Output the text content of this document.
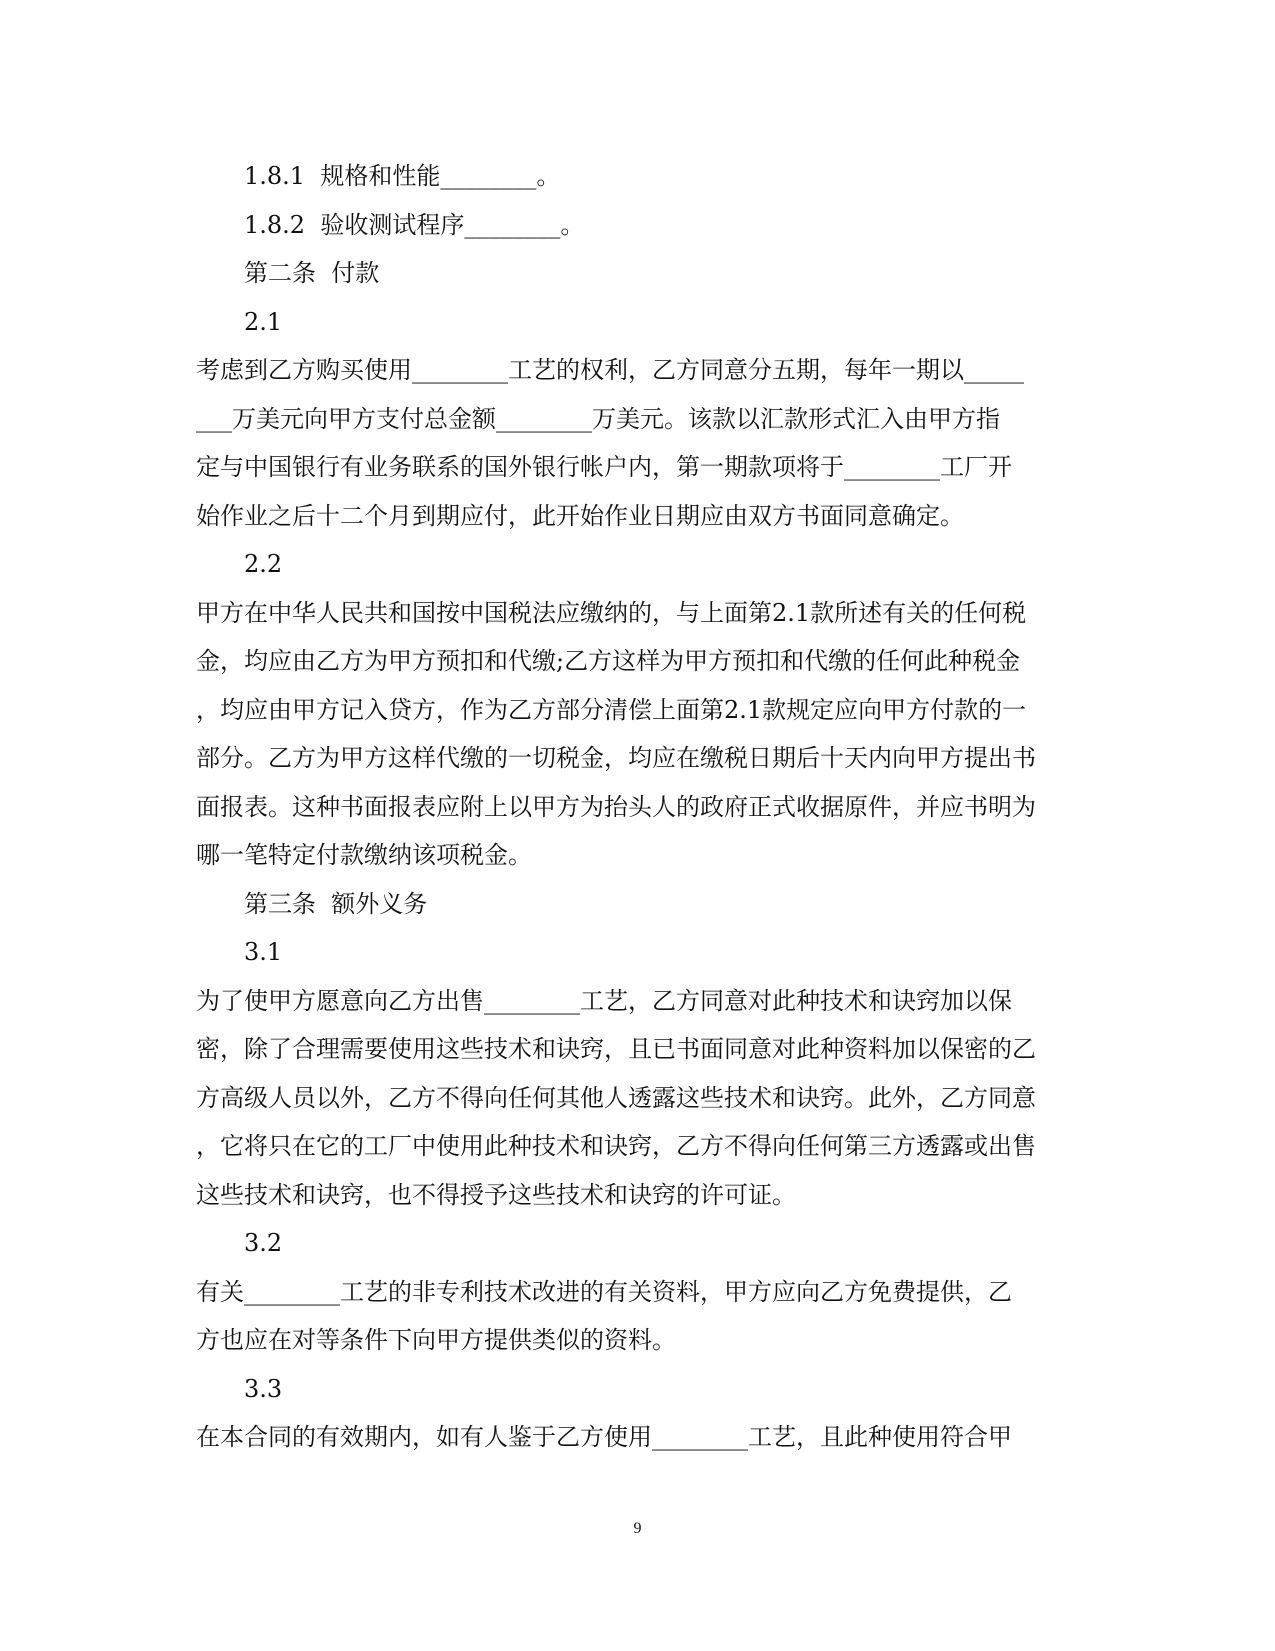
1.8.1  规格和性能________。
1.8.2  验收测试程序________。
第二条  付款
2.1
考虑到乙方购买使用________工艺的权利，乙方同意分五期，每年一期以_____
___万美元向甲方支付总金额________万美元。该款以汇款形式汇入由甲方指
定与中国银行有业务联系的国外银行帐户内，第一期款项将于________工厂开
始作业之后十二个月到期应付，此开始作业日期应由双方书面同意确定。
2.2
甲方在中华人民共和国按中国税法应缴纳的，与上面第2.1款所述有关的任何税
金，均应由乙方为甲方预扣和代缴;乙方这样为甲方预扣和代缴的任何此种税金
，均应由甲方记入贷方，作为乙方部分清偿上面第2.1款规定应向甲方付款的一
部分。乙方为甲方这样代缴的一切税金，均应在缴税日期后十天内向甲方提出书
面报表。这种书面报表应附上以甲方为抬头人的政府正式收据原件，并应书明为
哪一笔特定付款缴纳该项税金。
第三条  额外义务
3.1
为了使甲方愿意向乙方出售________工艺，乙方同意对此种技术和诀窍加以保
密，除了合理需要使用这些技术和诀窍，且已书面同意对此种资料加以保密的乙
方高级人员以外，乙方不得向任何其他人透露这些技术和诀窍。此外，乙方同意
，它将只在它的工厂中使用此种技术和诀窍，乙方不得向任何第三方透露或出售
这些技术和诀窍，也不得授予这些技术和诀窍的许可证。
3.2
有关________工艺的非专利技术改进的有关资料，甲方应向乙方免费提供，乙
方也应在对等条件下向甲方提供类似的资料。
3.3
在本合同的有效期内，如有人鉴于乙方使用________工艺，且此种使用符合甲
9
